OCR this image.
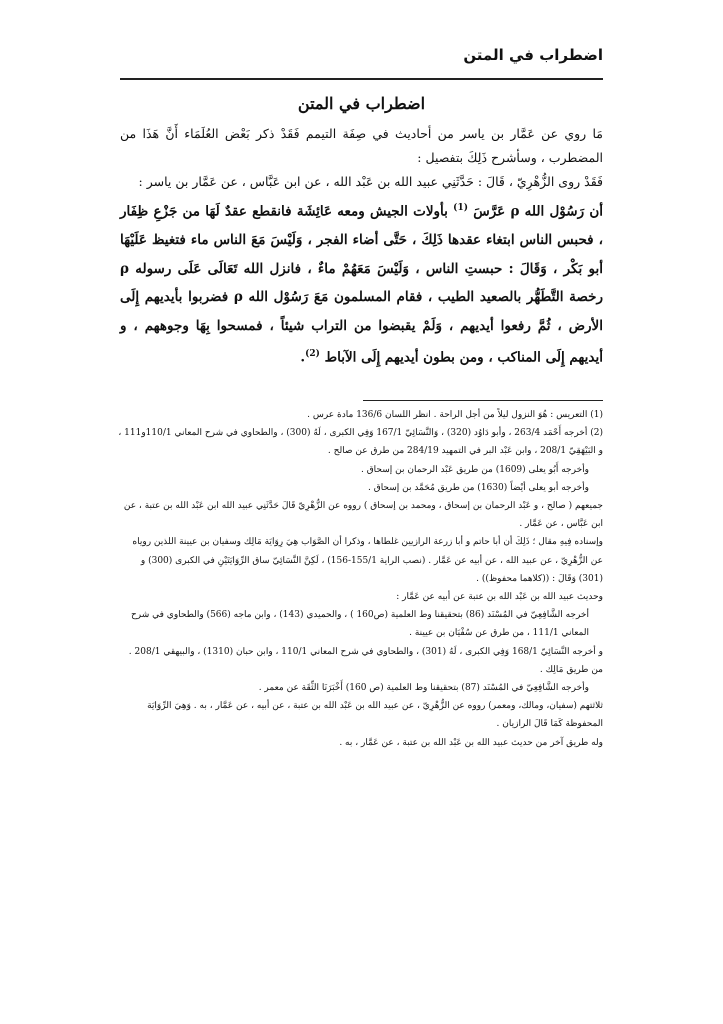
اضطراب في المتن
اضطراب في المتن

مَا روي عن عَمَّار بن ياسر من أحاديث في صِفَة التيمم فَقَدْ ذكر بَعْض العُلَمَاء أَنَّ هَذَا من المضطرب ، وسأشرح ذَلِكَ بتفصيل :

فَقَدْ روى الزُّهْرِيّ ، قَالَ : حَدَّثَنِي عبيد الله بن عَبْد الله ، عن ابن عَبَّاس ، عن عَمَّار بن ياسر :

أن رَسُوْل الله ρ عَرَّسَ $^{(1)}$ بأولات الجيش ومعه عَائِشَة فانقطع عقدٌ لَهَا من جَزْعِ ظِفَار ، فحبس الناس ابتغاء عقدها ذَلِكَ ، حَتَّى أضاء الفجر ، وَلَيْسَ مَعَ الناس ماء فتغيظ عَلَيْهَا أبو بَكْر ، وَقَالَ : حبستِ الناس ، وَلَيْسَ مَعَهُمْ ماءٌ ، فانزل الله تَعَالَى عَلَى رسوله ρ رخصة التَّطَهُّر بالصعيد الطيب ، فقام المسلمون مَعَ رَسُوْل الله ρ فضربوا بأيديهم إِلَى الأرض ، ثُمَّ رفعوا أيديهم ، وَلَمْ يقبضوا من التراب شيئاً ، فمسحوا بِهَا وجوههم ، و أيديهم إِلَى المناكب ، ومن بطون أيديهم إِلَى الآباط $^{(2)}$.

(1) التعريس : هُوَ النزول ليلاً من أجل الراحة . انظر اللسان 136/6 مادة عرس .

(2) أخرجه أَحْمَد 263/4 ، وأبو دَاوُد (320) ، وَالنَّسَائِيّ 167/1 وَفِي الكبرى ، لَهُ (300) ، والطحاوي في شرح المعاني 110/1و111 ، و البَيْهَقِيّ 208/1 ، وابن عَبْد البر في التمهيد 284/19 من طرق عن صالح .

وأخرجه أَبُو يعلى (1609) من طريق عَبْد الرحمان بن إسحاق .

وأخرجه أبو يعلى أيْضاً (1630) من طريق مُحَمَّد بن إسحاق .

جميعهم ( صالح ، و عَبْد الرحمان بن إسحاق ، ومحمد بن إسحاق ) رووه عن الزُّهْرِيّ قَالَ حَدَّثَنِي عبيد الله ابن عَبْد الله بن عتبة ، عن ابن عَبَّاس ، عن عَمَّار .

وإسناده فِيهِ مقال ؛ ذَلِكَ أن أبا حاتم و أبا زرعة الرازيين غلطاها ، وذكرا أن الصَّوَاب هِيَ رِوَايَة مَالِك وسفيان بن عيينة اللذين روياه عن الزُّهْرِيّ ، عن عبيد الله ، عن أبيه عن عَمَّار . (نصب الراية 155/1-156) ، لَكِنَّ النَّسَائِيّ ساق الرِّوَايَتَيْنِ في الكبرى (300) و (301) وَقَالَ : ((كلاهما محفوظ)) .

وحديث عبيد الله بن عَبْد الله بن عتبة عن أبيه عن عَمَّار :

أخرجه الشَّافِعِيّ في المُسْنَد (86) بتحقيقنا وط العلمية (ص160 ) ، والحميدي (143) ، وابن ماجه (566) والطحاوي في شرح المعاني 111/1 ، من طرق عن سُفْيَان بن عيينة .

و أخرجه النَّسَائِيّ 168/1 وَفِي الكبرى ، لَهُ (301) ، والطحاوي في شرح المعاني 110/1 ، وابن حبان (1310) ، والبيهقي 208/1 . من طريق مَالِك .

وأخرجه الشَّافِعِيّ في المُسْنَد (87) بتحقيقنا وط العلمية (ص 160) أَخْبَرَنَا الثِّقَة عن معمر .

ثلاثتهم (سفيان، ومالك، ومعمر) رووه عن الزُّهْرِيّ ، عن عبيد الله بن عَبْد الله بن عتبة ، عن أبيه ، عن عَمَّار ، به . وَهِيَ الرِّوَايَة المحفوظة كَمَا قَالَ الرازيان .

وله طريق آخر من حديث عبيد الله بن عَبْد الله بن عتبة ، عن عَمَّار ، به .
